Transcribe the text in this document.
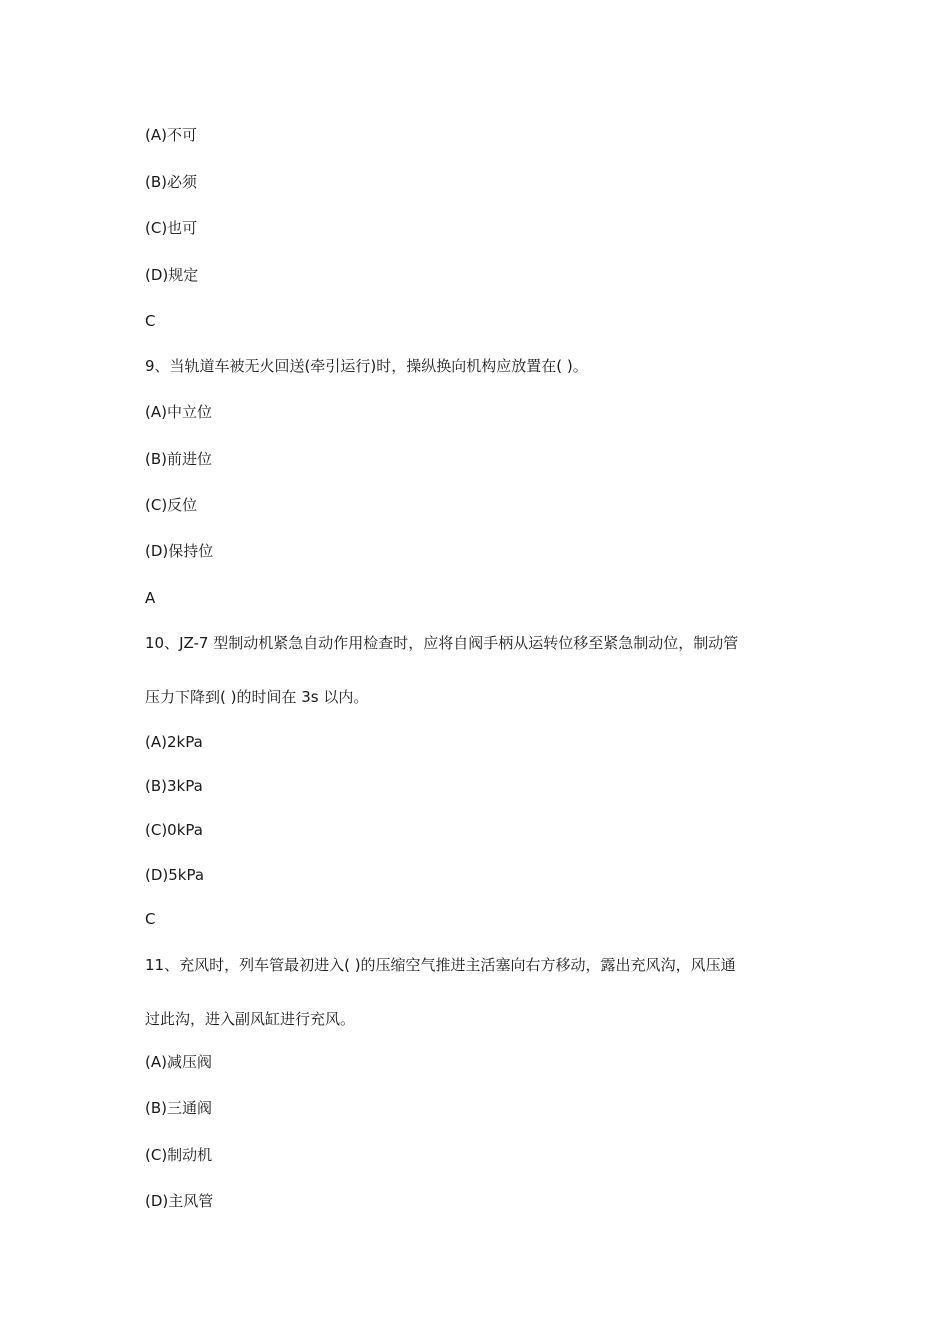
(A)不可
(B)必须
(C)也可
(D)规定
C
9、当轨道车被无火回送(牵引运行)时，操纵换向机构应放置在( )。
(A)中立位
(B)前进位
(C)反位
(D)保持位
A
10、JZ-7 型制动机紧急自动作用检查时，应将自阀手柄从运转位移至紧急制动位，制动管
压力下降到( )的时间在 3s 以内。
(A)2kPa
(B)3kPa
(C)0kPa
(D)5kPa
C
11、充风时，列车管最初进入( )的压缩空气推进主活塞向右方移动，露出充风沟，风压通
过此沟，进入副风缸进行充风。
(A)减压阀
(B)三通阀
(C)制动机
(D)主风管
